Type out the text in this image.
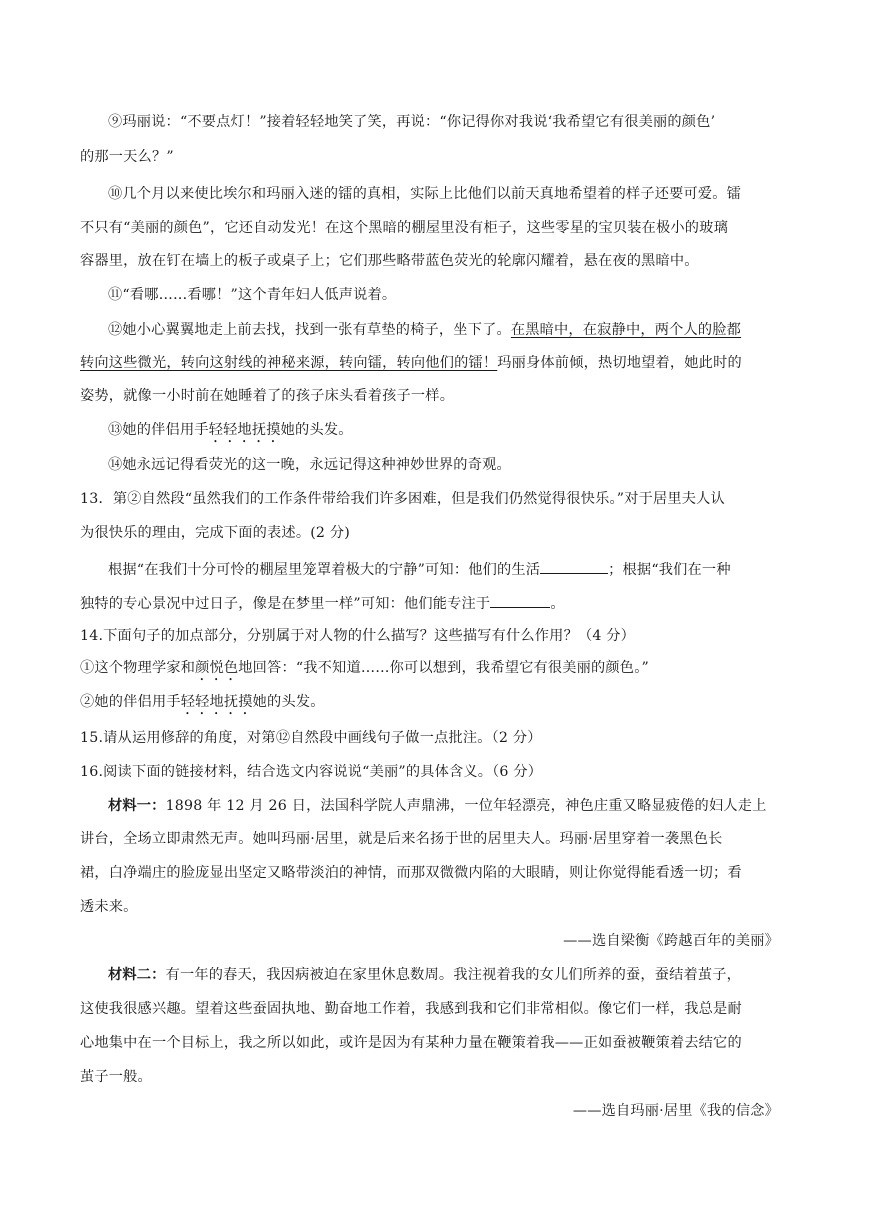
⑨玛丽说：“不要点灯！”接着轻轻地笑了笑，再说：“你记得你对我说‘我希望它有很美丽的颜色’
的那一天么？”
⑩几个月以来使比埃尔和玛丽入迷的镭的真相，实际上比他们以前天真地希望着的样子还要可爱。镭
不只有“美丽的颜色”，它还自动发光！在这个黑暗的棚屋里没有柜子，这些零星的宝贝装在极小的玻璃
容器里，放在钉在墙上的板子或桌子上；它们那些略带蓝色荧光的轮廓闪耀着，悬在夜的黑暗中。
⑪“看哪……看哪！”这个青年妇人低声说着。
⑫她小心翼翼地走上前去找，找到一张有草垫的椅子，坐下了。在黑暗中，在寂静中，两个人的脸都
转向这些微光，转向这射线的神秘来源，转向镭，转向他们的镭！玛丽身体前倾，热切地望着，她此时的
姿势，就像一小时前在她睡着了的孩子床头看着孩子一样。
⑬她的伴侣用手轻轻地抚摸她的头发。
⑭她永远记得看荧光的这一晚，永远记得这种神妙世界的奇观。
13．第②自然段“虽然我们的工作条件带给我们许多困难，但是我们仍然觉得很快乐。”对于居里夫人认
为很快乐的理由，完成下面的表述。(2 分)
根据“在我们十分可怜的棚屋里笼罩着极大的宁静”可知：他们的生活	；根据“我们在一种
独特的专心景况中过日子，像是在梦里一样”可知：他们能专注于	。
14.下面句子的加点部分，分别属于对人物的什么描写？这些描写有什么作用？（4 分）
①这个物理学家和颜悦色地回答：“我不知道……你可以想到，我希望它有很美丽的颜色。”
②她的伴侣用手轻轻地抚摸她的头发。
15.请从运用修辞的角度，对第⑫自然段中画线句子做一点批注。（2 分）
16.阅读下面的链接材料，结合选文内容说说“美丽”的具体含义。（6 分）
材料一：1898 年 12 月 26 日，法国科学院人声鼎沸，一位年轻漂亮，神色庄重又略显疲倦的妇人走上
讲台，全场立即肃然无声。她叫玛丽·居里，就是后来名扬于世的居里夫人。玛丽·居里穿着一袭黑色长
裙，白净端庄的脸庞显出坚定又略带淡泊的神情，而那双微微内陷的大眼睛，则让你觉得能看透一切；看
透未来。
——选自梁衡《跨越百年的美丽》
材料二：有一年的春天，我因病被迫在家里休息数周。我注视着我的女儿们所养的蚕，蚕结着茧子，
这使我很感兴趣。望着这些蚕固执地、勤奋地工作着，我感到我和它们非常相似。像它们一样，我总是耐
心地集中在一个目标上，我之所以如此，或许是因为有某种力量在鞭策着我——正如蚕被鞭策着去结它的
茧子一般。
——选自玛丽·居里《我的信念》
